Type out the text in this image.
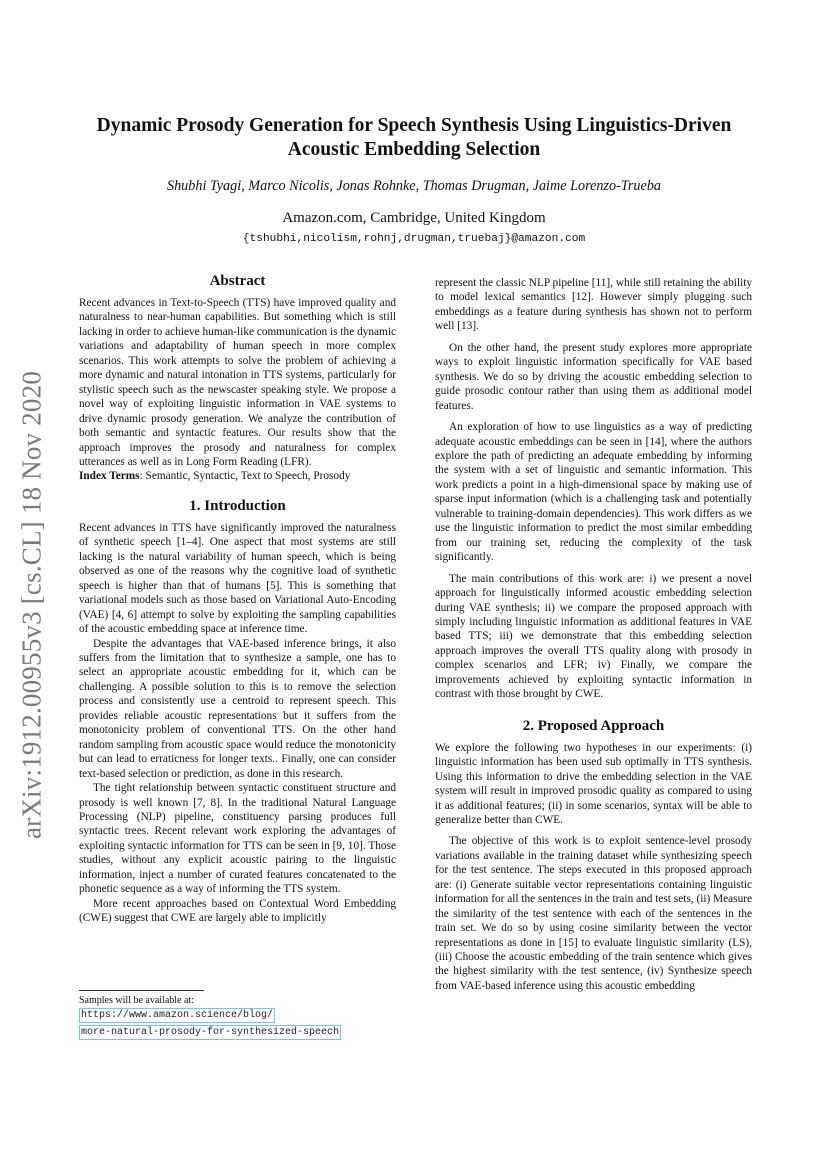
arXiv:1912.00955v3 [cs.CL] 18 Nov 2020
Dynamic Prosody Generation for Speech Synthesis Using Linguistics-Driven
Acoustic Embedding Selection
Shubhi Tyagi, Marco Nicolis, Jonas Rohnke, Thomas Drugman, Jaime Lorenzo-Trueba
Amazon.com, Cambridge, United Kingdom
{tshubhi,nicolism,rohnj,drugman,truebaj}@amazon.com
Abstract

Recent advances in Text-to-Speech (TTS) have improved quality and naturalness to near-human capabilities. But something which is still lacking in order to achieve human-like communication is the dynamic variations and adaptability of human speech in more complex scenarios. This work attempts to solve the problem of achieving a more dynamic and natural intonation in TTS systems, particularly for stylistic speech such as the newscaster speaking style. We propose a novel way of exploiting linguistic information in VAE systems to drive dynamic prosody generation. We analyze the contribution of both semantic and syntactic features. Our results show that the approach improves the prosody and naturalness for complex utterances as well as in Long Form Reading (LFR).

Index Terms: Semantic, Syntactic, Text to Speech, Prosody

1. Introduction

Recent advances in TTS have significantly improved the naturalness of synthetic speech [1–4]. One aspect that most systems are still lacking is the natural variability of human speech, which is being observed as one of the reasons why the cognitive load of synthetic speech is higher than that of humans [5]. This is something that variational models such as those based on Variational Auto-Encoding (VAE) [4, 6] attempt to solve by exploiting the sampling capabilities of the acoustic embedding space at inference time.

Despite the advantages that VAE-based inference brings, it also suffers from the limitation that to synthesize a sample, one has to select an appropriate acoustic embedding for it, which can be challenging. A possible solution to this is to remove the selection process and consistently use a centroid to represent speech. This provides reliable acoustic representations but it suffers from the monotonicity problem of conventional TTS. On the other hand random sampling from acoustic space would reduce the monotonicity but can lead to erraticness for longer texts.. Finally, one can consider text-based selection or prediction, as done in this research.

The tight relationship between syntactic constituent structure and prosody is well known [7, 8]. In the traditional Natural Language Processing (NLP) pipeline, constituency parsing produces full syntactic trees. Recent relevant work exploring the advantages of exploiting syntactic information for TTS can be seen in [9, 10]. Those studies, without any explicit acoustic pairing to the linguistic information, inject a number of curated features concatenated to the phonetic sequence as a way of informing the TTS system.

More recent approaches based on Contextual Word Embedding (CWE) suggest that CWE are largely able to implicitly

Samples will be available at:
https://www.amazon.science/blog/
more-natural-prosody-for-synthesized-speech

represent the classic NLP pipeline [11], while still retaining the ability to model lexical semantics [12]. However simply plugging such embeddings as a feature during synthesis has shown not to perform well [13].

On the other hand, the present study explores more appropriate ways to exploit linguistic information specifically for VAE based synthesis. We do so by driving the acoustic embedding selection to guide prosodic contour rather than using them as additional model features.

An exploration of how to use linguistics as a way of predicting adequate acoustic embeddings can be seen in [14], where the authors explore the path of predicting an adequate embedding by informing the system with a set of linguistic and semantic information. This work predicts a point in a high-dimensional space by making use of sparse input information (which is a challenging task and potentially vulnerable to training-domain dependencies). This work differs as we use the linguistic information to predict the most similar embedding from our training set, reducing the complexity of the task significantly.

The main contributions of this work are: i) we present a novel approach for linguistically informed acoustic embedding selection during VAE synthesis; ii) we compare the proposed approach with simply including linguistic information as additional features in VAE based TTS; iii) we demonstrate that this embedding selection approach improves the overall TTS quality along with prosody in complex scenarios and LFR; iv) Finally, we compare the improvements achieved by exploiting syntactic information in contrast with those brought by CWE.

2. Proposed Approach

We explore the following two hypotheses in our experiments: (i) linguistic information has been used sub optimally in TTS synthesis. Using this information to drive the embedding selection in the VAE system will result in improved prosodic quality as compared to using it as additional features; (ii) in some scenarios, syntax will be able to generalize better than CWE.

The objective of this work is to exploit sentence-level prosody variations available in the training dataset while synthesizing speech for the test sentence. The steps executed in this proposed approach are: (i) Generate suitable vector representations containing linguistic information for all the sentences in the train and test sets, (ii) Measure the similarity of the test sentence with each of the sentences in the train set. We do so by using cosine similarity between the vector representations as done in [15] to evaluate linguistic similarity (LS), (iii) Choose the acoustic embedding of the train sentence which gives the highest similarity with the test sentence, (iv) Synthesize speech from VAE-based inference using this acoustic embedding
